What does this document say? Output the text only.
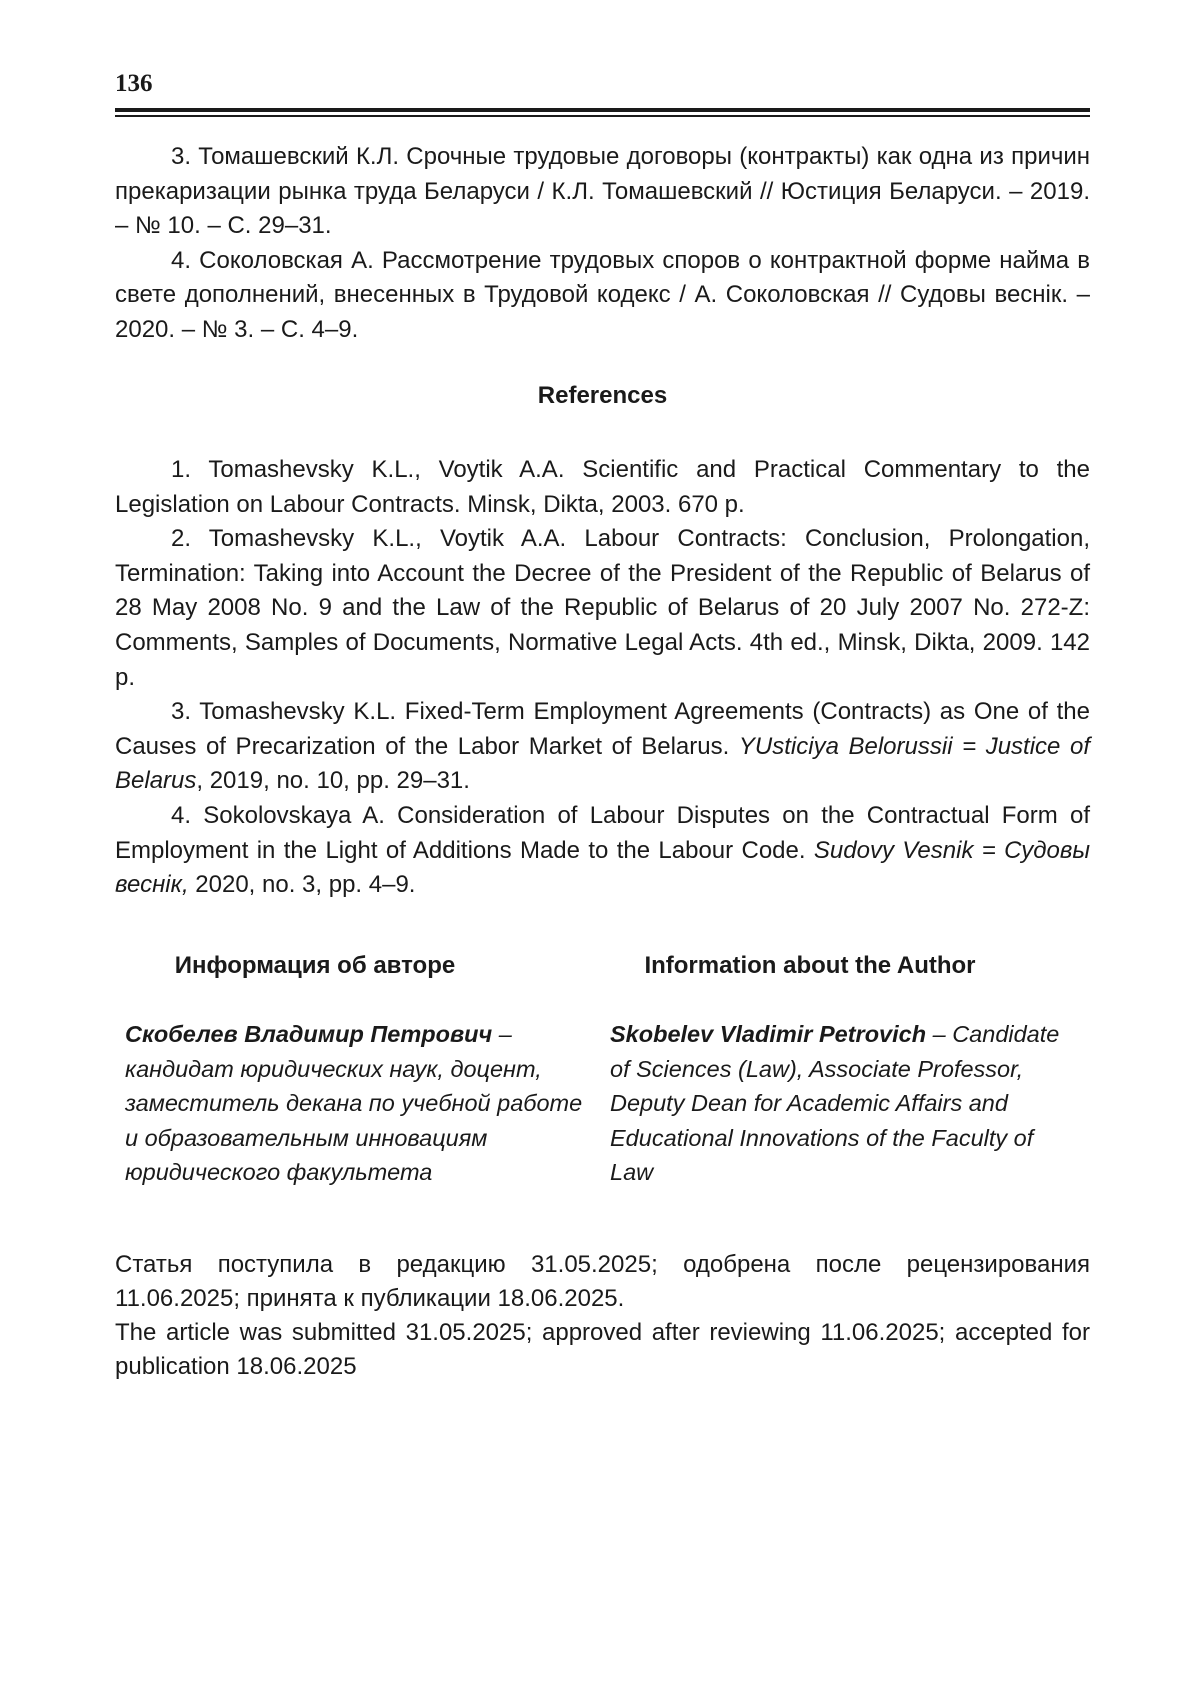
136

3. Томашевский К.Л. Срочные трудовые договоры (контракты) как одна из причин прекаризации рынка труда Беларуси / К.Л. Томашевский // Юстиция Беларуси. – 2019. – № 10. – С. 29–31.

4. Соколовская А. Рассмотрение трудовых споров о контрактной форме найма в свете дополнений, внесенных в Трудовой кодекс / А. Соколовская // Судовы веснік. – 2020. – № 3. – С. 4–9.

References

1. Tomashevsky K.L., Voytik A.A. Scientific and Practical Commentary to the Legislation on Labour Contracts. Minsk, Dikta, 2003. 670 p.

2. Tomashevsky K.L., Voytik A.A. Labour Contracts: Conclusion, Prolongation, Termination: Taking into Account the Decree of the President of the Republic of Belarus of 28 May 2008 No. 9 and the Law of the Republic of Belarus of 20 July 2007 No. 272-Z: Comments, Samples of Documents, Normative Legal Acts. 4th ed., Minsk, Dikta, 2009. 142 p.

3. Tomashevsky K.L. Fixed-Term Employment Agreements (Contracts) as One of the Causes of Precarization of the Labor Market of Belarus. YUsticiya Belorussii = Justice of Belarus, 2019, no. 10, pp. 29–31.

4. Sokolovskaya A. Consideration of Labour Disputes on the Contractual Form of Employment in the Light of Additions Made to the Labour Code. Sudovy Vesnik = Судовы веснік, 2020, no. 3, pp. 4–9.

Информация об авторе
Скобелев Владимир Петрович – кандидат юридических наук, доцент, заместитель декана по учебной работе и образовательным инновациям юридического факультета
Information about the Author
Skobelev Vladimir Petrovich – Candidate of Sciences (Law), Associate Professor, Deputy Dean for Academic Affairs and Educational Innovations of the Faculty of Law

Статья поступила в редакцию 31.05.2025; одобрена после рецензирования 11.06.2025; принята к публикации 18.06.2025.

The article was submitted 31.05.2025; approved after reviewing 11.06.2025; accepted for publication 18.06.2025
